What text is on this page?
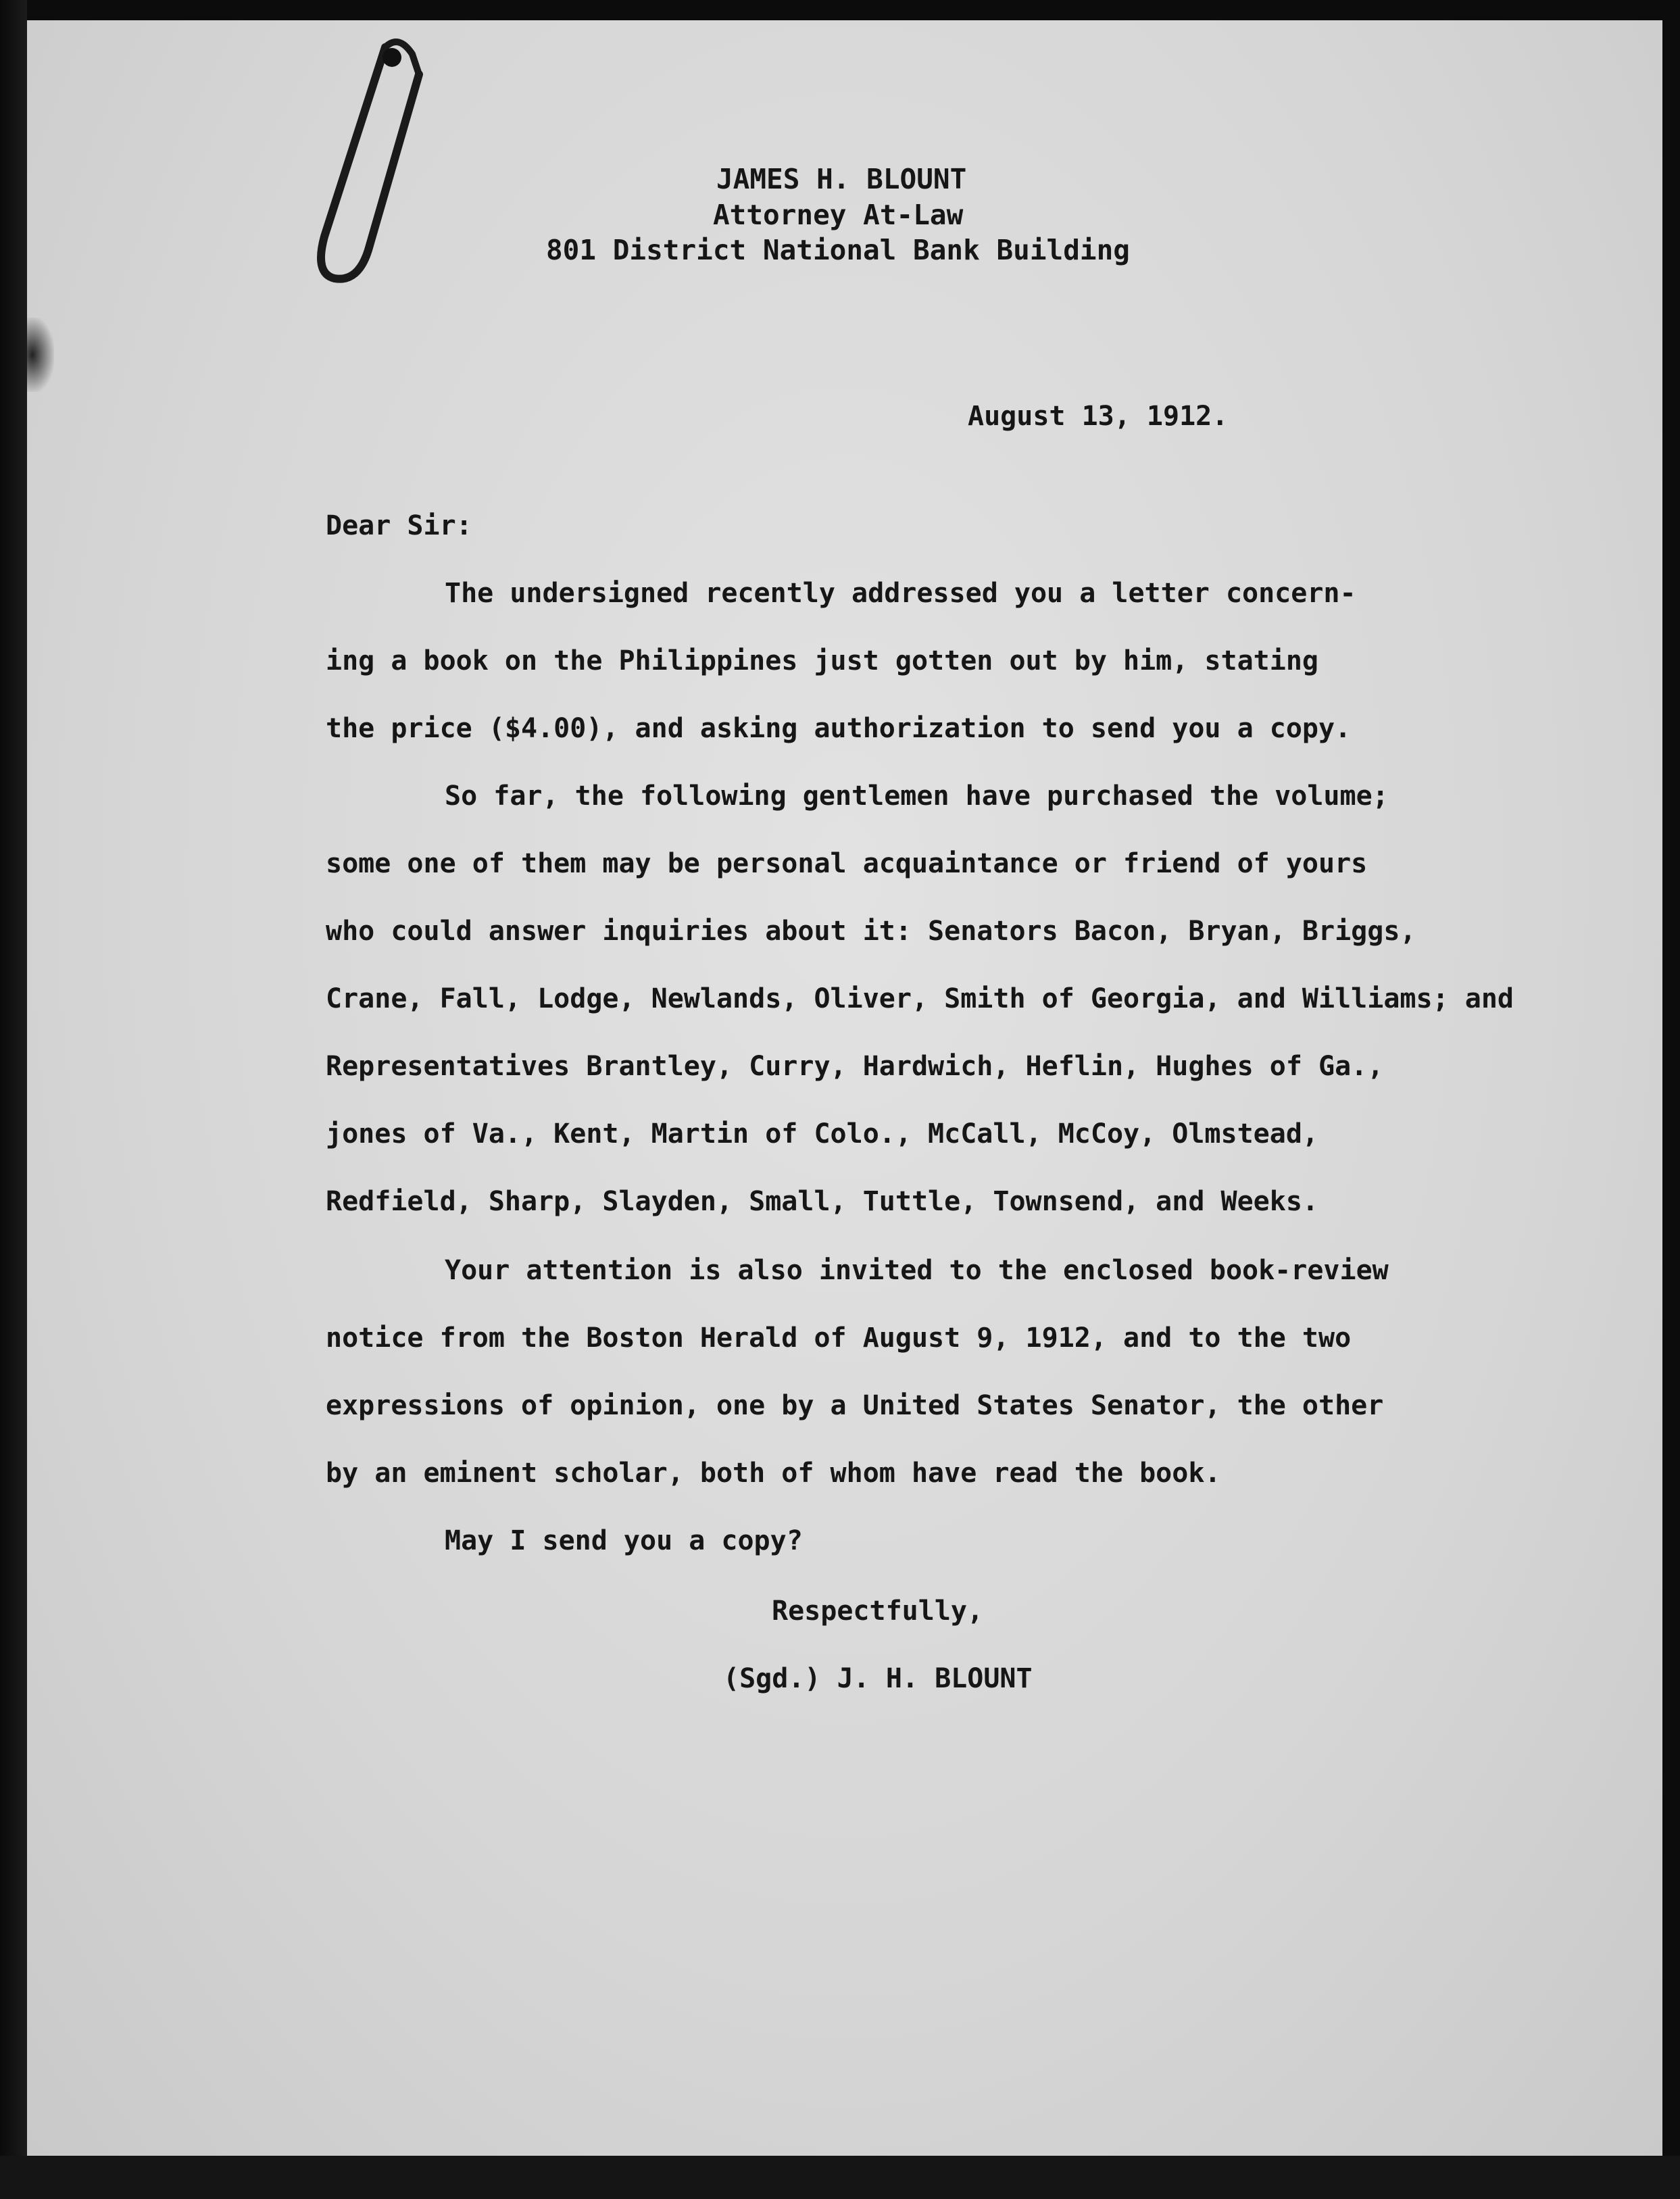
JAMES H. BLOUNT
Attorney At-Law
801 District National Bank Building
August 13, 1912.
Dear Sir:
The undersigned recently addressed you a letter concern-
ing a book on the Philippines just gotten out by him, stating
the price ($4.00), and asking authorization to send you a copy.
So far, the following gentlemen have purchased the volume;
some one of them may be personal acquaintance or friend of yours
who could answer inquiries about it: Senators Bacon, Bryan, Briggs,
Crane, Fall, Lodge, Newlands, Oliver, Smith of Georgia, and Williams; and
Representatives Brantley, Curry, Hardwich, Heflin, Hughes of Ga.,
jones of Va., Kent, Martin of Colo., McCall, McCoy, Olmstead,
Redfield, Sharp, Slayden, Small, Tuttle, Townsend, and Weeks.
Your attention is also invited to the enclosed book-review
notice from the Boston Herald of August 9, 1912, and to the two
expressions of opinion, one by a United States Senator, the other
by an eminent scholar, both of whom have read the book.
May I send you a copy?
Respectfully,
(Sgd.) J. H. BLOUNT
